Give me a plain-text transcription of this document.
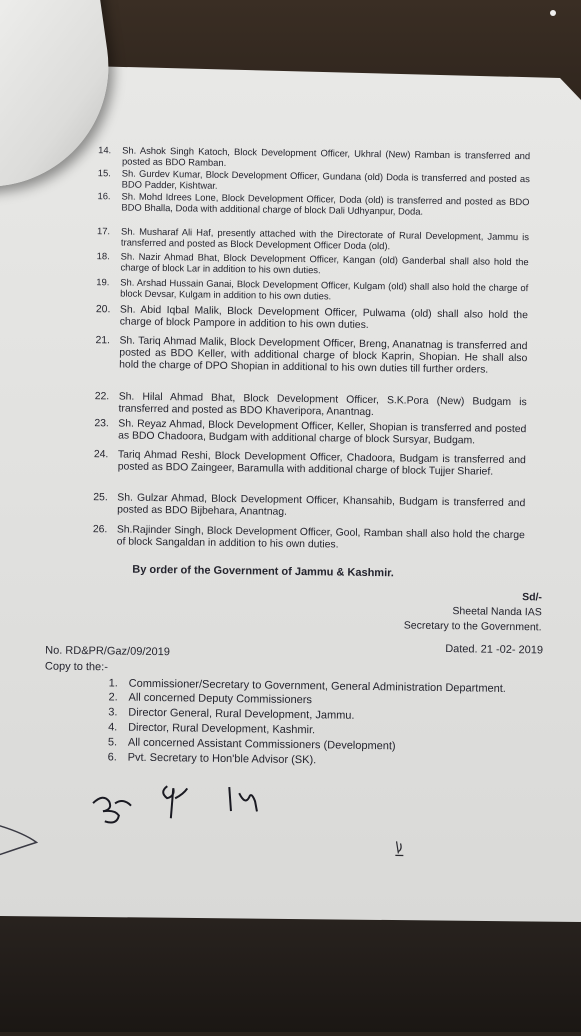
14.	Sh. Ashok Singh Katoch, Block Development Officer, Ukhral (New) Ramban is transferred and posted as BDO Ramban.
15.	Sh. Gurdev Kumar, Block Development Officer, Gundana (old) Doda is transferred and posted as BDO Padder, Kishtwar.
16.	Sh. Mohd Idrees Lone, Block Development Officer, Doda (old) is transferred and posted as BDO BDO Bhalla, Doda with additional charge of block Dali Udhyanpur, Doda.
17.	Sh. Musharaf Ali Haf, presently attached with the Directorate of Rural Development, Jammu is transferred and posted as Block Development Officer Doda (old).
18.	Sh. Nazir Ahmad Bhat, Block Development Officer, Kangan (old) Ganderbal shall also hold the charge of block Lar in addition to his own duties.
19.	Sh. Arshad Hussain Ganai, Block Development Officer, Kulgam (old) shall also hold the charge of block Devsar, Kulgam in addition to his own duties.
20. Sh. Abid Iqbal Malik, Block Development Officer, Pulwama (old) shall also hold the charge of block Pampore in addition to his own duties.
21. Sh. Tariq Ahmad Malik, Block Development Officer, Breng, Ananatnag is transferred and posted as BDO Keller, with additional charge of block Kaprin, Shopian. He shall also hold the charge of DPO Shopian in additional to his own duties till further orders.
22. Sh. Hilal Ahmad Bhat, Block Development Officer, S.K.Pora (New) Budgam is transferred and posted as BDO Khaveripora, Anantnag.
23. Sh. Reyaz Ahmad, Block Development Officer, Keller, Shopian is transferred and posted as BDO Chadoora, Budgam with additional charge of block Sursyar, Budgam.
24. Tariq Ahmad Reshi, Block Development Officer, Chadoora, Budgam is transferred and posted as BDO Zaingeer, Baramulla with additional charge of block Tujjer Sharief.
25. Sh. Gulzar Ahmad, Block Development Officer, Khansahib, Budgam is transferred and posted as BDO Bijbehara, Anantnag.
26. Sh.Rajinder Singh, Block Development Officer, Gool, Ramban shall also hold the charge of block Sangaldan in addition to his own duties.
By order of the Government of Jammu & Kashmir.
Sd/-
Sheetal Nanda IAS
Secretary to the Government.
No. RD&PR/Gaz/09/2019	Dated. 21 -02- 2019
Copy to the:-
1. Commissioner/Secretary to Government, General Administration Department.
2. All concerned Deputy Commissioners
3. Director General, Rural Development, Jammu.
4. Director, Rural Development, Kashmir.
5. All concerned Assistant Commissioners (Development)
6. Pvt. Secretary to Hon'ble Advisor (SK).
